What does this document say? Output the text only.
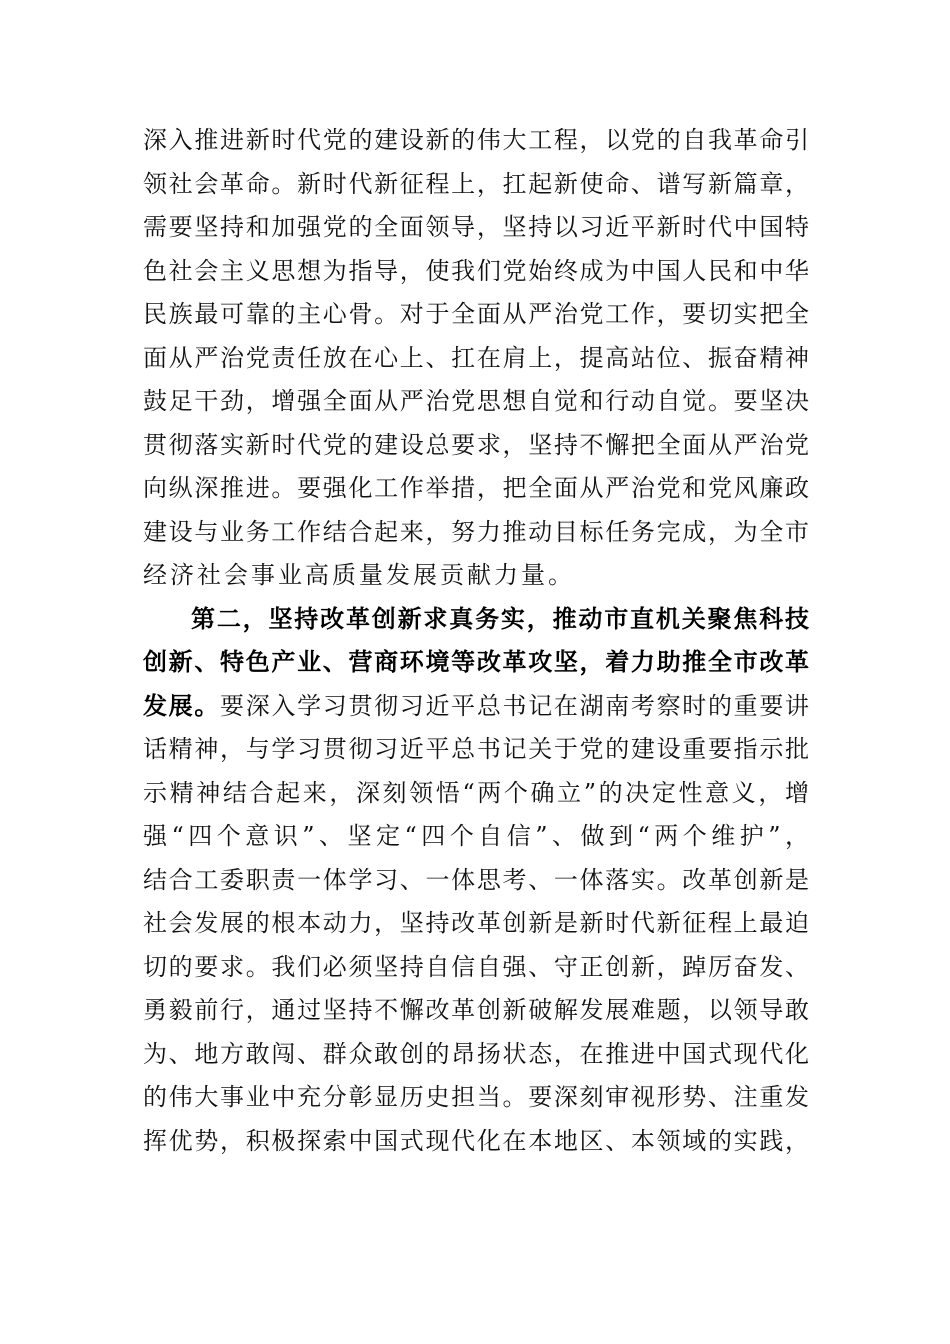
深入推进新时代党的建设新的伟大工程，以党的自我革命引
领社会革命。新时代新征程上，扛起新使命、谱写新篇章，
需要坚持和加强党的全面领导，坚持以习近平新时代中国特
色社会主义思想为指导，使我们党始终成为中国人民和中华
民族最可靠的主心骨。对于全面从严治党工作，要切实把全
面从严治党责任放在心上、扛在肩上，提高站位、振奋精神
鼓足干劲，增强全面从严治党思想自觉和行动自觉。要坚决
贯彻落实新时代党的建设总要求，坚持不懈把全面从严治党
向纵深推进。要强化工作举措，把全面从严治党和党风廉政
建设与业务工作结合起来，努力推动目标任务完成，为全市
经济社会事业高质量发展贡献力量。
第二，坚持改革创新求真务实，推动市直机关聚焦科技
创新、特色产业、营商环境等改革攻坚，着力助推全市改革
发展。要深入学习贯彻习近平总书记在湖南考察时的重要讲
话精神，与学习贯彻习近平总书记关于党的建设重要指示批
示精神结合起来，深刻领悟“两个确立”的决定性意义，增
强“四个意识”、坚定“四个自信”、做到“两个维护”，
结合工委职责一体学习、一体思考、一体落实。改革创新是
社会发展的根本动力，坚持改革创新是新时代新征程上最迫
切的要求。我们必须坚持自信自强、守正创新，踔厉奋发、
勇毅前行，通过坚持不懈改革创新破解发展难题，以领导敢
为、地方敢闯、群众敢创的昂扬状态，在推进中国式现代化
的伟大事业中充分彰显历史担当。要深刻审视形势、注重发
挥优势，积极探索中国式现代化在本地区、本领域的实践，
